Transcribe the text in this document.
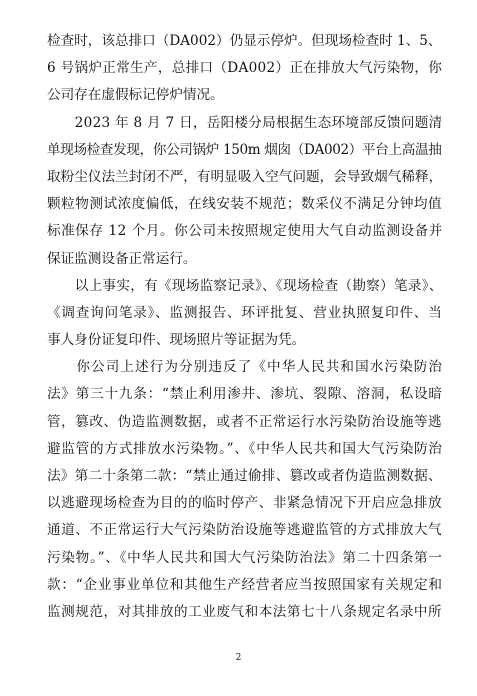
检查时，该总排口（DA002）仍显示停炉。但现场检查时 1、5、
6 号锅炉正常生产，总排口（DA002）正在排放大气污染物，你
公司存在虚假标记停炉情况。
　　2023 年 8 月 7 日，岳阳楼分局根据生态环境部反馈问题清
单现场检查发现，你公司锅炉 150m 烟囱（DA002）平台上高温抽
取粉尘仪法兰封闭不严，有明显吸入空气问题，会导致烟气稀释，
颗粒物测试浓度偏低，在线安装不规范；数采仪不满足分钟均值
标准保存 12 个月。你公司未按照规定使用大气自动监测设备并
保证监测设备正常运行。
　　以上事实，有《现场监察记录》、《现场检查（勘察）笔录》、
《调查询问笔录》、监测报告、环评批复、营业执照复印件、当
事人身份证复印件、现场照片等证据为凭。
　　你公司上述行为分别违反了《中华人民共和国水污染防治
法》第三十九条：“禁止利用渗井、渗坑、裂隙、溶洞，私设暗
管，篡改、伪造监测数据，或者不正常运行水污染防治设施等逃
避监管的方式排放水污染物。”、《中华人民共和国大气污染防治
法》第二十条第二款：“禁止通过偷排、篡改或者伪造监测数据、
以逃避现场检查为目的的临时停产、非紧急情况下开启应急排放
通道、不正常运行大气污染防治设施等逃避监管的方式排放大气
污染物。”、《中华人民共和国大气污染防治法》第二十四条第一
款：“企业事业单位和其他生产经营者应当按照国家有关规定和
监测规范，对其排放的工业废气和本法第七十八条规定名录中所
2
